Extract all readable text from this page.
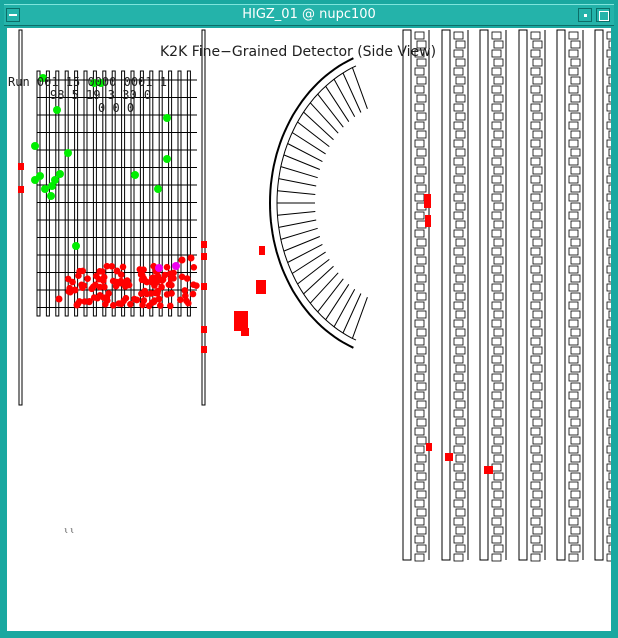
HIGZ_01 @ nupc100
K2K Fine−Grained Detector (Side View)
Run 001 15 0000 0001 1
98 5 19 3 30 0
0 0 0
ˡˡ
